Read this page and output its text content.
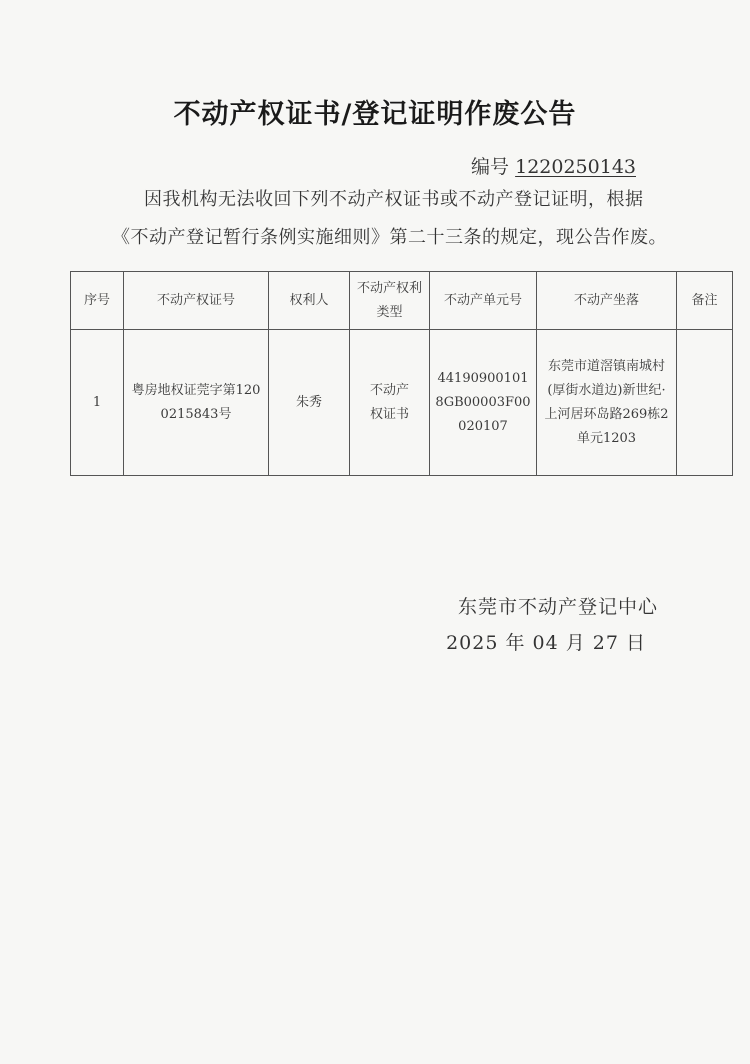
不动产权证书/登记证明作废公告
编号 1220250143
因我机构无法收回下列不动产权证书或不动产登记证明，根据
《不动产登记暂行条例实施细则》第二十三条的规定，现公告作废。
序号	不动产权证号	权利人	不动产权利类型	不动产单元号	不动产坐落	备注
1	粤房地权证莞字第1200215843号	朱秀	不动产权证书	441909001018GB00003F00020107	东莞市道滘镇南城村(厚街水道边)新世纪·上河居环岛路269栋2单元1203	
东莞市不动产登记中心
2025 年 04 月 27 日
